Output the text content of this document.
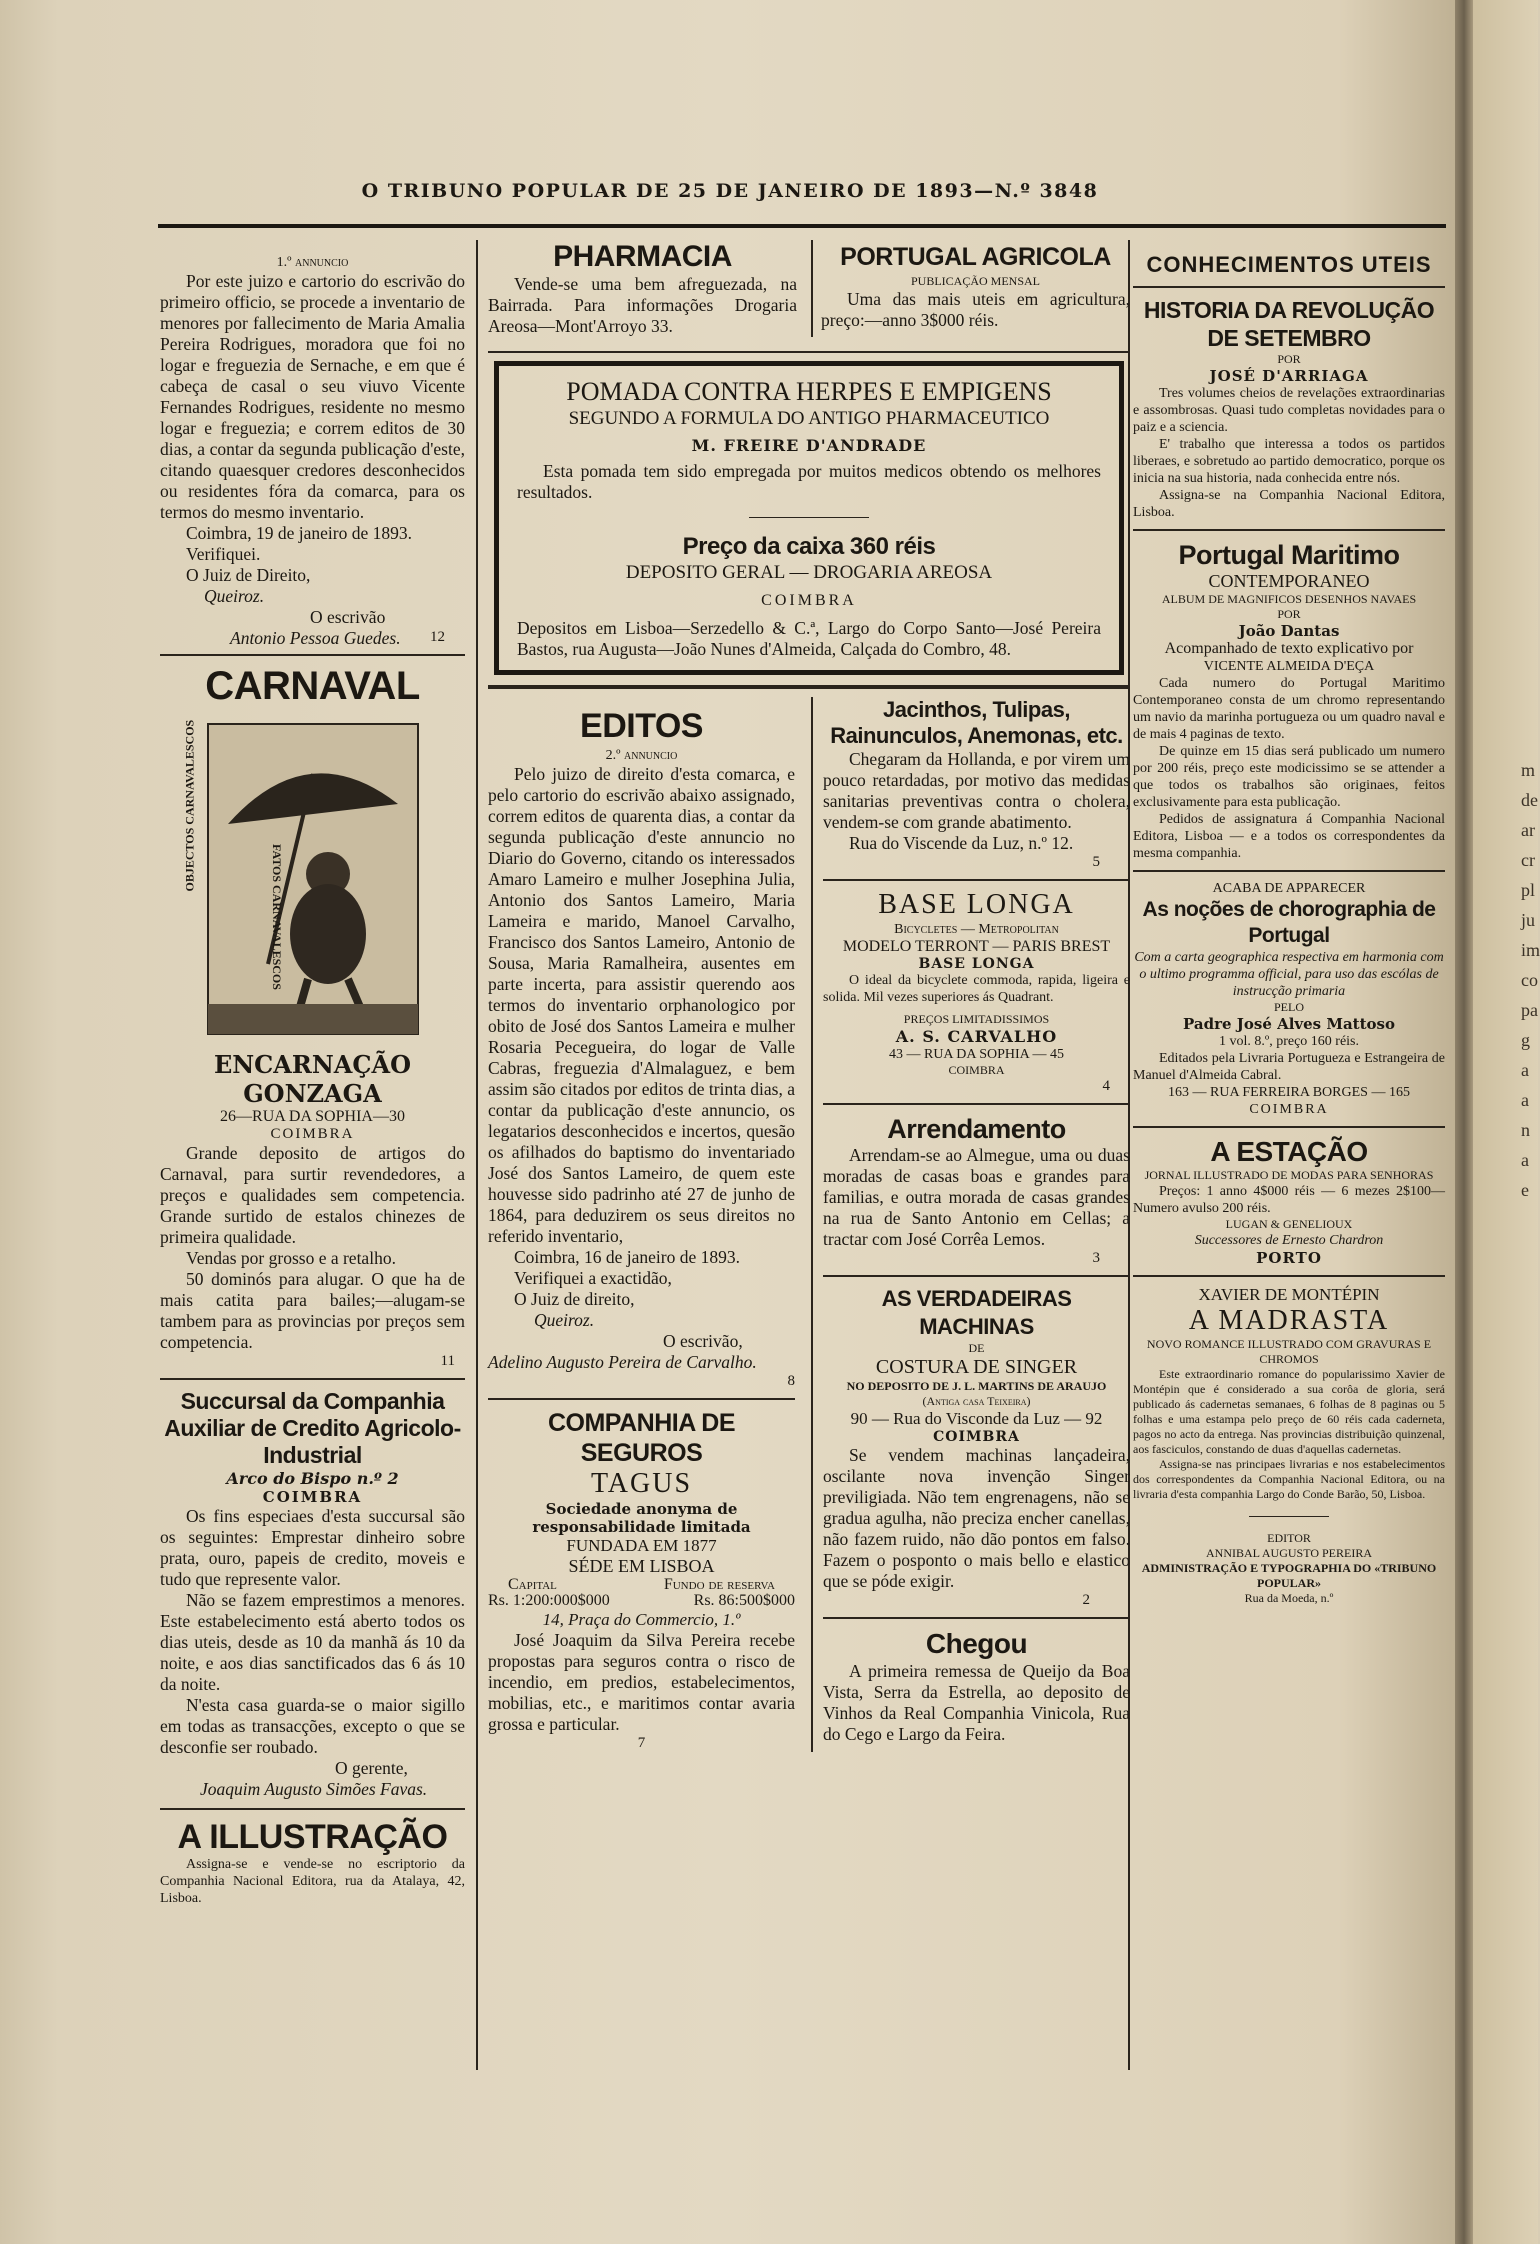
m
de
ar
cr
pl
ju
im
co
pa
g
a
a
n
a
e
O TRIBUNO POPULAR DE 25 DE JANEIRO DE 1893—N.º 3848

1.º annuncio

Por este juizo e cartorio do escrivão do primeiro officio, se procede a inventario de menores por fallecimento de Maria Amalia Pereira Rodrigues, moradora que foi no logar e freguezia de Sernache, e em que é cabeça de casal o seu viuvo Vicente Fernandes Rodrigues, residente no mesmo logar e freguezia; e correm editos de 30 dias, a contar da segunda publicação d'este, citando quaesquer credores desconhecidos ou residentes fóra da comarca, para os termos do mesmo inventario.

Coimbra, 19 de janeiro de 1893.

Verifiquei.

O Juiz de Direito,

Queiroz.

O escrivão

Antonio Pessoa Guedes.	12

CARNAVAL

OBJECTOS CARNAVALESCOS
FATOS CARNAVALESCOS

ENCARNAÇÃO GONZAGA

26—RUA DA SOPHIA—30

COIMBRA

Grande deposito de artigos do Carnaval, para surtir revendedores, a preços e qualidades sem competencia. Grande surtido de estalos chinezes de primeira qualidade.

Vendas por grosso e a retalho.

50 dominós para alugar. O que ha de mais catita para bailes;—alugam-se tambem para as provincias por preços sem competencia.

11

Succursal da Companhia Auxiliar de Credito Agricolo-Industrial

Arco do Bispo n.º 2

COIMBRA

Os fins especiaes d'esta succursal são os seguintes: Emprestar dinheiro sobre prata, ouro, papeis de credito, moveis e tudo que represente valor.

Não se fazem emprestimos a menores. Este estabelecimento está aberto todos os dias uteis, desde as 10 da manhã ás 10 da noite, e aos dias sanctificados das 6 ás 10 da noite.

N'esta casa guarda-se o maior sigillo em todas as transacções, excepto o que se desconfie ser roubado.

O gerente,

Joaquim Augusto Simões Favas.

A ILLUSTRAÇÃO

Assigna-se e vende-se no escriptorio da Companhia Nacional Editora, rua da Atalaya, 42, Lisboa.

PHARMACIA

Vende-se uma bem afreguezada, na Bairrada. Para informações Drogaria Areosa—Mont'Arroyo 33.

PORTUGAL AGRICOLA

PUBLICAÇÃO MENSAL

Uma das mais uteis em agricultura, preço:—anno 3$000 réis.

POMADA CONTRA HERPES E EMPIGENS

SEGUNDO A FORMULA DO ANTIGO PHARMACEUTICO

M. FREIRE D'ANDRADE

Esta pomada tem sido empregada por muitos medicos obtendo os melhores resultados.

Preço da caixa 360 réis

DEPOSITO GERAL — DROGARIA AREOSA

COIMBRA

Depositos em Lisboa—Serzedello & C.ª, Largo do Corpo Santo—José Pereira Bastos, rua Augusta—João Nunes d'Almeida, Calçada do Combro, 48.

EDITOS

2.º annuncio

Pelo juizo de direito d'esta comarca, e pelo cartorio do escrivão abaixo assignado, correm editos de quarenta dias, a contar da segunda publicação d'este annuncio no Diario do Governo, citando os interessados Amaro Lameiro e mulher Josephina Julia, Antonio dos Santos Lameiro, Maria Lameira e marido, Manoel Carvalho, Francisco dos Santos Lameiro, Antonio de Sousa, Maria Ramalheira, ausentes em parte incerta, para assistir querendo aos termos do inventario orphanologico por obito de José dos Santos Lameira e mulher Rosaria Pecegueira, do logar de Valle Cabras, freguezia d'Almalaguez, e bem assim são citados por editos de trinta dias, a contar da publicação d'este annuncio, os legatarios desconhecidos e incertos, quesão os afilhados do baptismo do inventariado José dos Santos Lameiro, de quem este houvesse sido padrinho até 27 de junho de 1864, para deduzirem os seus direitos no referido inventario,

Coimbra, 16 de janeiro de 1893.

Verifiquei a exactidão,

O Juiz de direito,

Queiroz.

O escrivão,

Adelino Augusto Pereira de Carvalho.

8

COMPANHIA DE SEGUROS

TAGUS

Sociedade anonyma de responsabilidade limitada

FUNDADA EM 1877

SÉDE EM LISBOA

Capital	Fundo de reserva
Rs. 1:200:000$000	Rs. 86:500$000

14, Praça do Commercio, 1.º

José Joaquim da Silva Pereira recebe propostas para seguros contra o risco de incendio, em predios, estabelecimentos, mobilias, etc., e maritimos contar avaria grossa e particular.

7

Jacinthos, Tulipas, Rainunculos, Anemonas, etc.

Chegaram da Hollanda, e por virem um pouco retardadas, por motivo das medidas sanitarias preventivas contra o cholera, vendem-se com grande abatimento.

Rua do Viscende da Luz, n.º 12.

5

BASE LONGA

Bicycletes — Metropolitan

MODELO TERRONT — PARIS BREST

BASE LONGA

O ideal da bicyclete commoda, rapida, ligeira e solida. Mil vezes superiores ás Quadrant.

PREÇOS LIMITADISSIMOS

A. S. CARVALHO

43 — RUA DA SOPHIA — 45

COIMBRA

4

Arrendamento

Arrendam-se ao Almegue, uma ou duas moradas de casas boas e grandes para familias, e outra morada de casas grandes na rua de Santo Antonio em Cellas; a tractar com José Corrêa Lemos.

3

AS VERDADEIRAS MACHINAS

DE

COSTURA DE SINGER

NO DEPOSITO DE J. L. MARTINS DE ARAUJO

(Antiga casa Teixeira)

90 — Rua do Visconde da Luz — 92

COIMBRA

Se vendem machinas lançadeira, oscilante nova invenção Singer previligiada. Não tem engrenagens, não se gradua agulha, não preciza encher canellas, não fazem ruido, não dão pontos em falso. Fazem o posponto o mais bello e elastico que se póde exigir.

2

Chegou

A primeira remessa de Queijo da Boa Vista, Serra da Estrella, ao deposito de Vinhos da Real Companhia Vinicola, Rua do Cego e Largo da Feira.

CONHECIMENTOS UTEIS

HISTORIA DA REVOLUÇÃO DE SETEMBRO

POR

JOSÉ D'ARRIAGA

Tres volumes cheios de revelações extraordinarias e assombrosas. Quasi tudo completas novidades para o paiz e a sciencia.

E' trabalho que interessa a todos os partidos liberaes, e sobretudo ao partido democratico, porque os inicia na sua historia, nada conhecida entre nós.

Assigna-se na Companhia Nacional Editora, Lisboa.

Portugal Maritimo

CONTEMPORANEO

ALBUM DE MAGNIFICOS DESENHOS NAVAES

POR

João Dantas

Acompanhado de texto explicativo por

VICENTE ALMEIDA D'EÇA

Cada numero do Portugal Maritimo Contemporaneo consta de um chromo representando um navio da marinha portugueza ou um quadro naval e de mais 4 paginas de texto.

De quinze em 15 dias será publicado um numero por 200 réis, preço este modicissimo se se attender a que todos os trabalhos são originaes, feitos exclusivamente para esta publicação.

Pedidos de assignatura á Companhia Nacional Editora, Lisboa — e a todos os correspondentes da mesma companhia.

ACABA DE APPARECER

As noções de chorographia de Portugal

Com a carta geographica respectiva em harmonia com o ultimo programma official, para uso das escólas de instrucção primaria

PELO

Padre José Alves Mattoso

1 vol. 8.º, preço 160 réis.

Editados pela Livraria Portugueza e Estrangeira de Manuel d'Almeida Cabral.

163 — RUA FERREIRA BORGES — 165

COIMBRA

A ESTAÇÃO

JORNAL ILLUSTRADO DE MODAS PARA SENHORAS

Preços: 1 anno 4$000 réis — 6 mezes 2$100—Numero avulso 200 réis.

LUGAN & GENELIOUX

Successores de Ernesto Chardron

PORTO

XAVIER DE MONTÉPIN

A MADRASTA

NOVO ROMANCE ILLUSTRADO COM GRAVURAS E CHROMOS

Este extraordinario romance do popularissimo Xavier de Montépin que é considerado a sua corôa de gloria, será publicado ás cadernetas semanaes, 6 folhas de 8 paginas ou 5 folhas e uma estampa pelo preço de 60 réis cada caderneta, pagos no acto da entrega. Nas provincias distribuição quinzenal, aos fasciculos, constando de duas d'aquellas cadernetas.

Assigna-se nas principaes livrarias e nos estabelecimentos dos correspondentes da Companhia Nacional Editora, ou na livraria d'esta companhia Largo do Conde Barão, 50, Lisboa.

EDITOR

ANNIBAL AUGUSTO PEREIRA

ADMINISTRAÇÃO E TYPOGRAPHIA DO «TRIBUNO POPULAR»

Rua da Moeda, n.º
